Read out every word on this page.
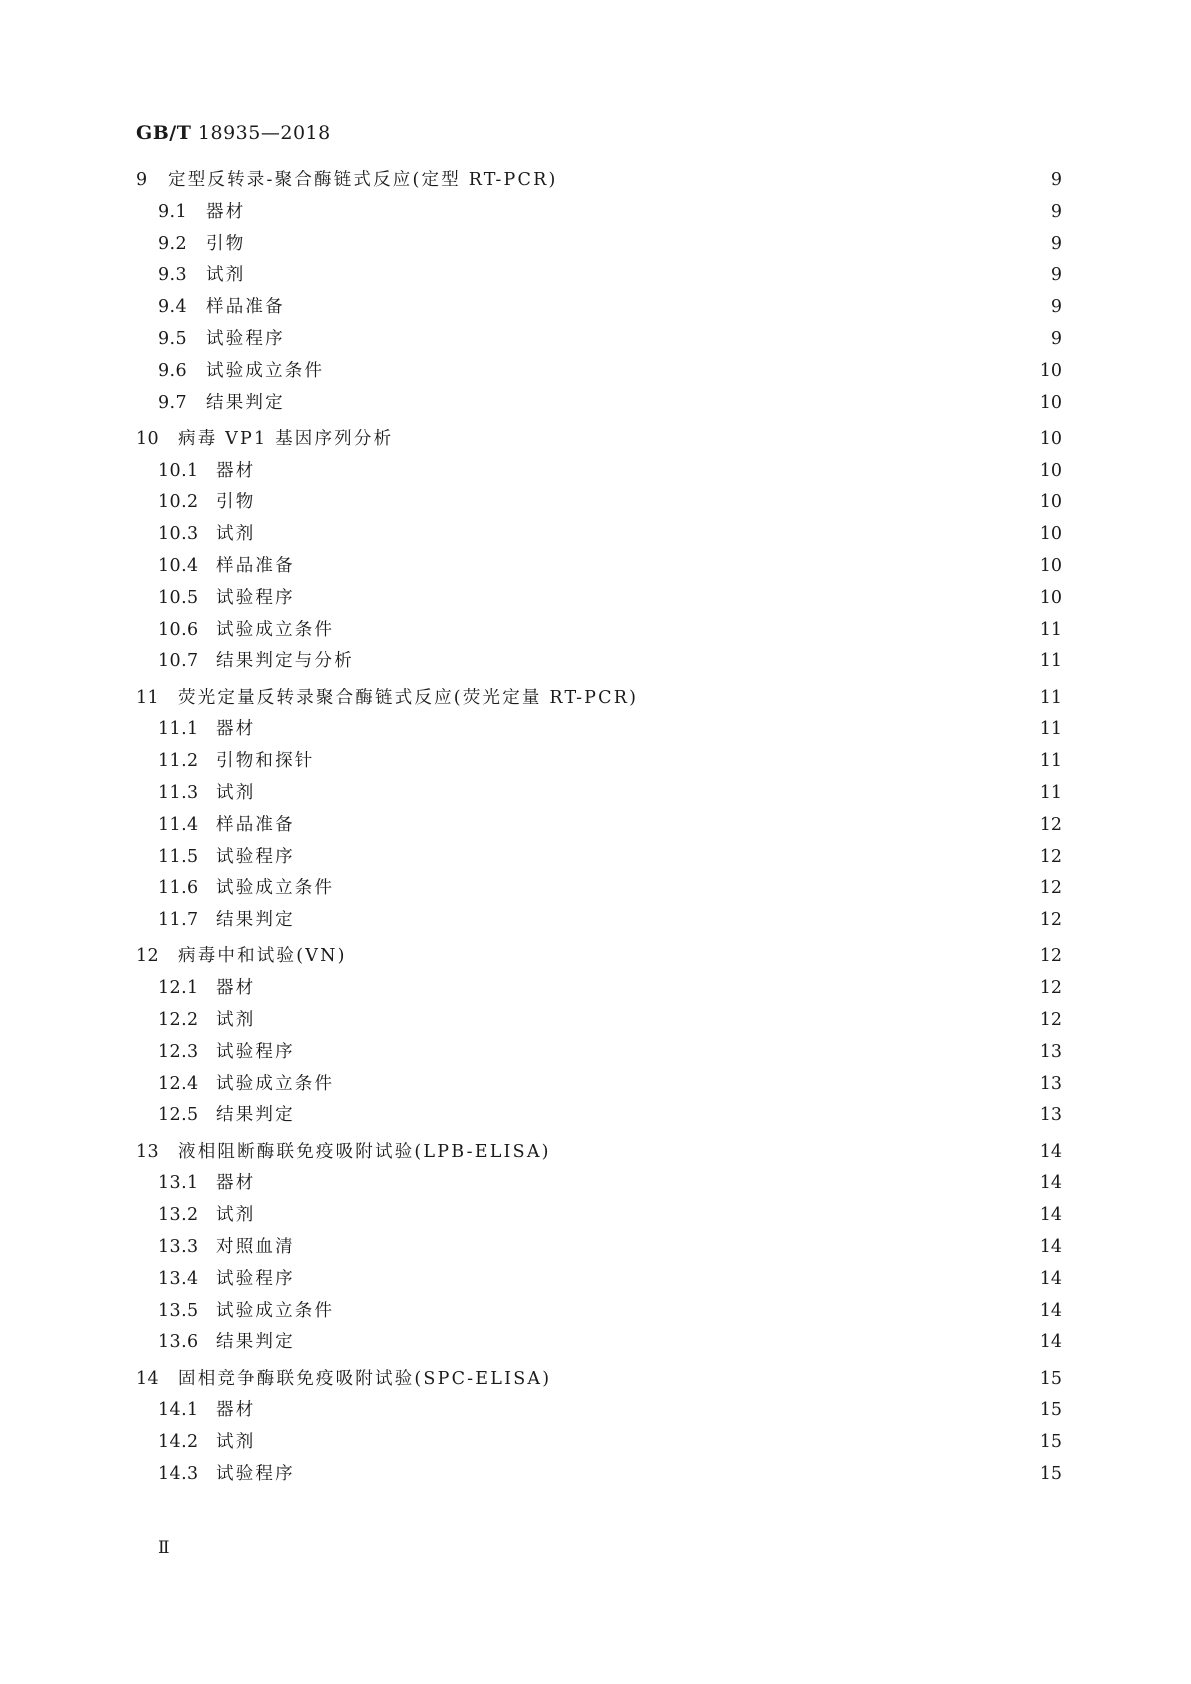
GB/T 18935—2018
9	定型反转录-聚合酶链式反应(定型 RT-PCR)	9
9.1	器材	9
9.2	引物	9
9.3	试剂	9
9.4	样品准备	9
9.5	试验程序	9
9.6	试验成立条件	10
9.7	结果判定	10
10	病毒 VP1 基因序列分析	10
10.1 器材	10
10.2 引物	10
10.3 试剂	10
10.4 样品准备	10
10.5 试验程序	10
10.6 试验成立条件	11
10.7 结果判定与分析	11
11	荧光定量反转录聚合酶链式反应(荧光定量 RT-PCR)	11
11.1 器材	11
11.2 引物和探针	11
11.3 试剂	11
11.4 样品准备	12
11.5 试验程序	12
11.6 试验成立条件	12
11.7 结果判定	12
12	病毒中和试验(VN)	12
12.1 器材	12
12.2 试剂	12
12.3 试验程序	13
12.4 试验成立条件	13
12.5 结果判定	13
13	液相阻断酶联免疫吸附试验(LPB-ELISA)	14
13.1 器材	14
13.2 试剂	14
13.3 对照血清	14
13.4 试验程序	14
13.5 试验成立条件	14
13.6 结果判定	14
14	固相竞争酶联免疫吸附试验(SPC-ELISA)	15
14.1 器材	15
14.2 试剂	15
14.3 试验程序	15
Ⅱ
